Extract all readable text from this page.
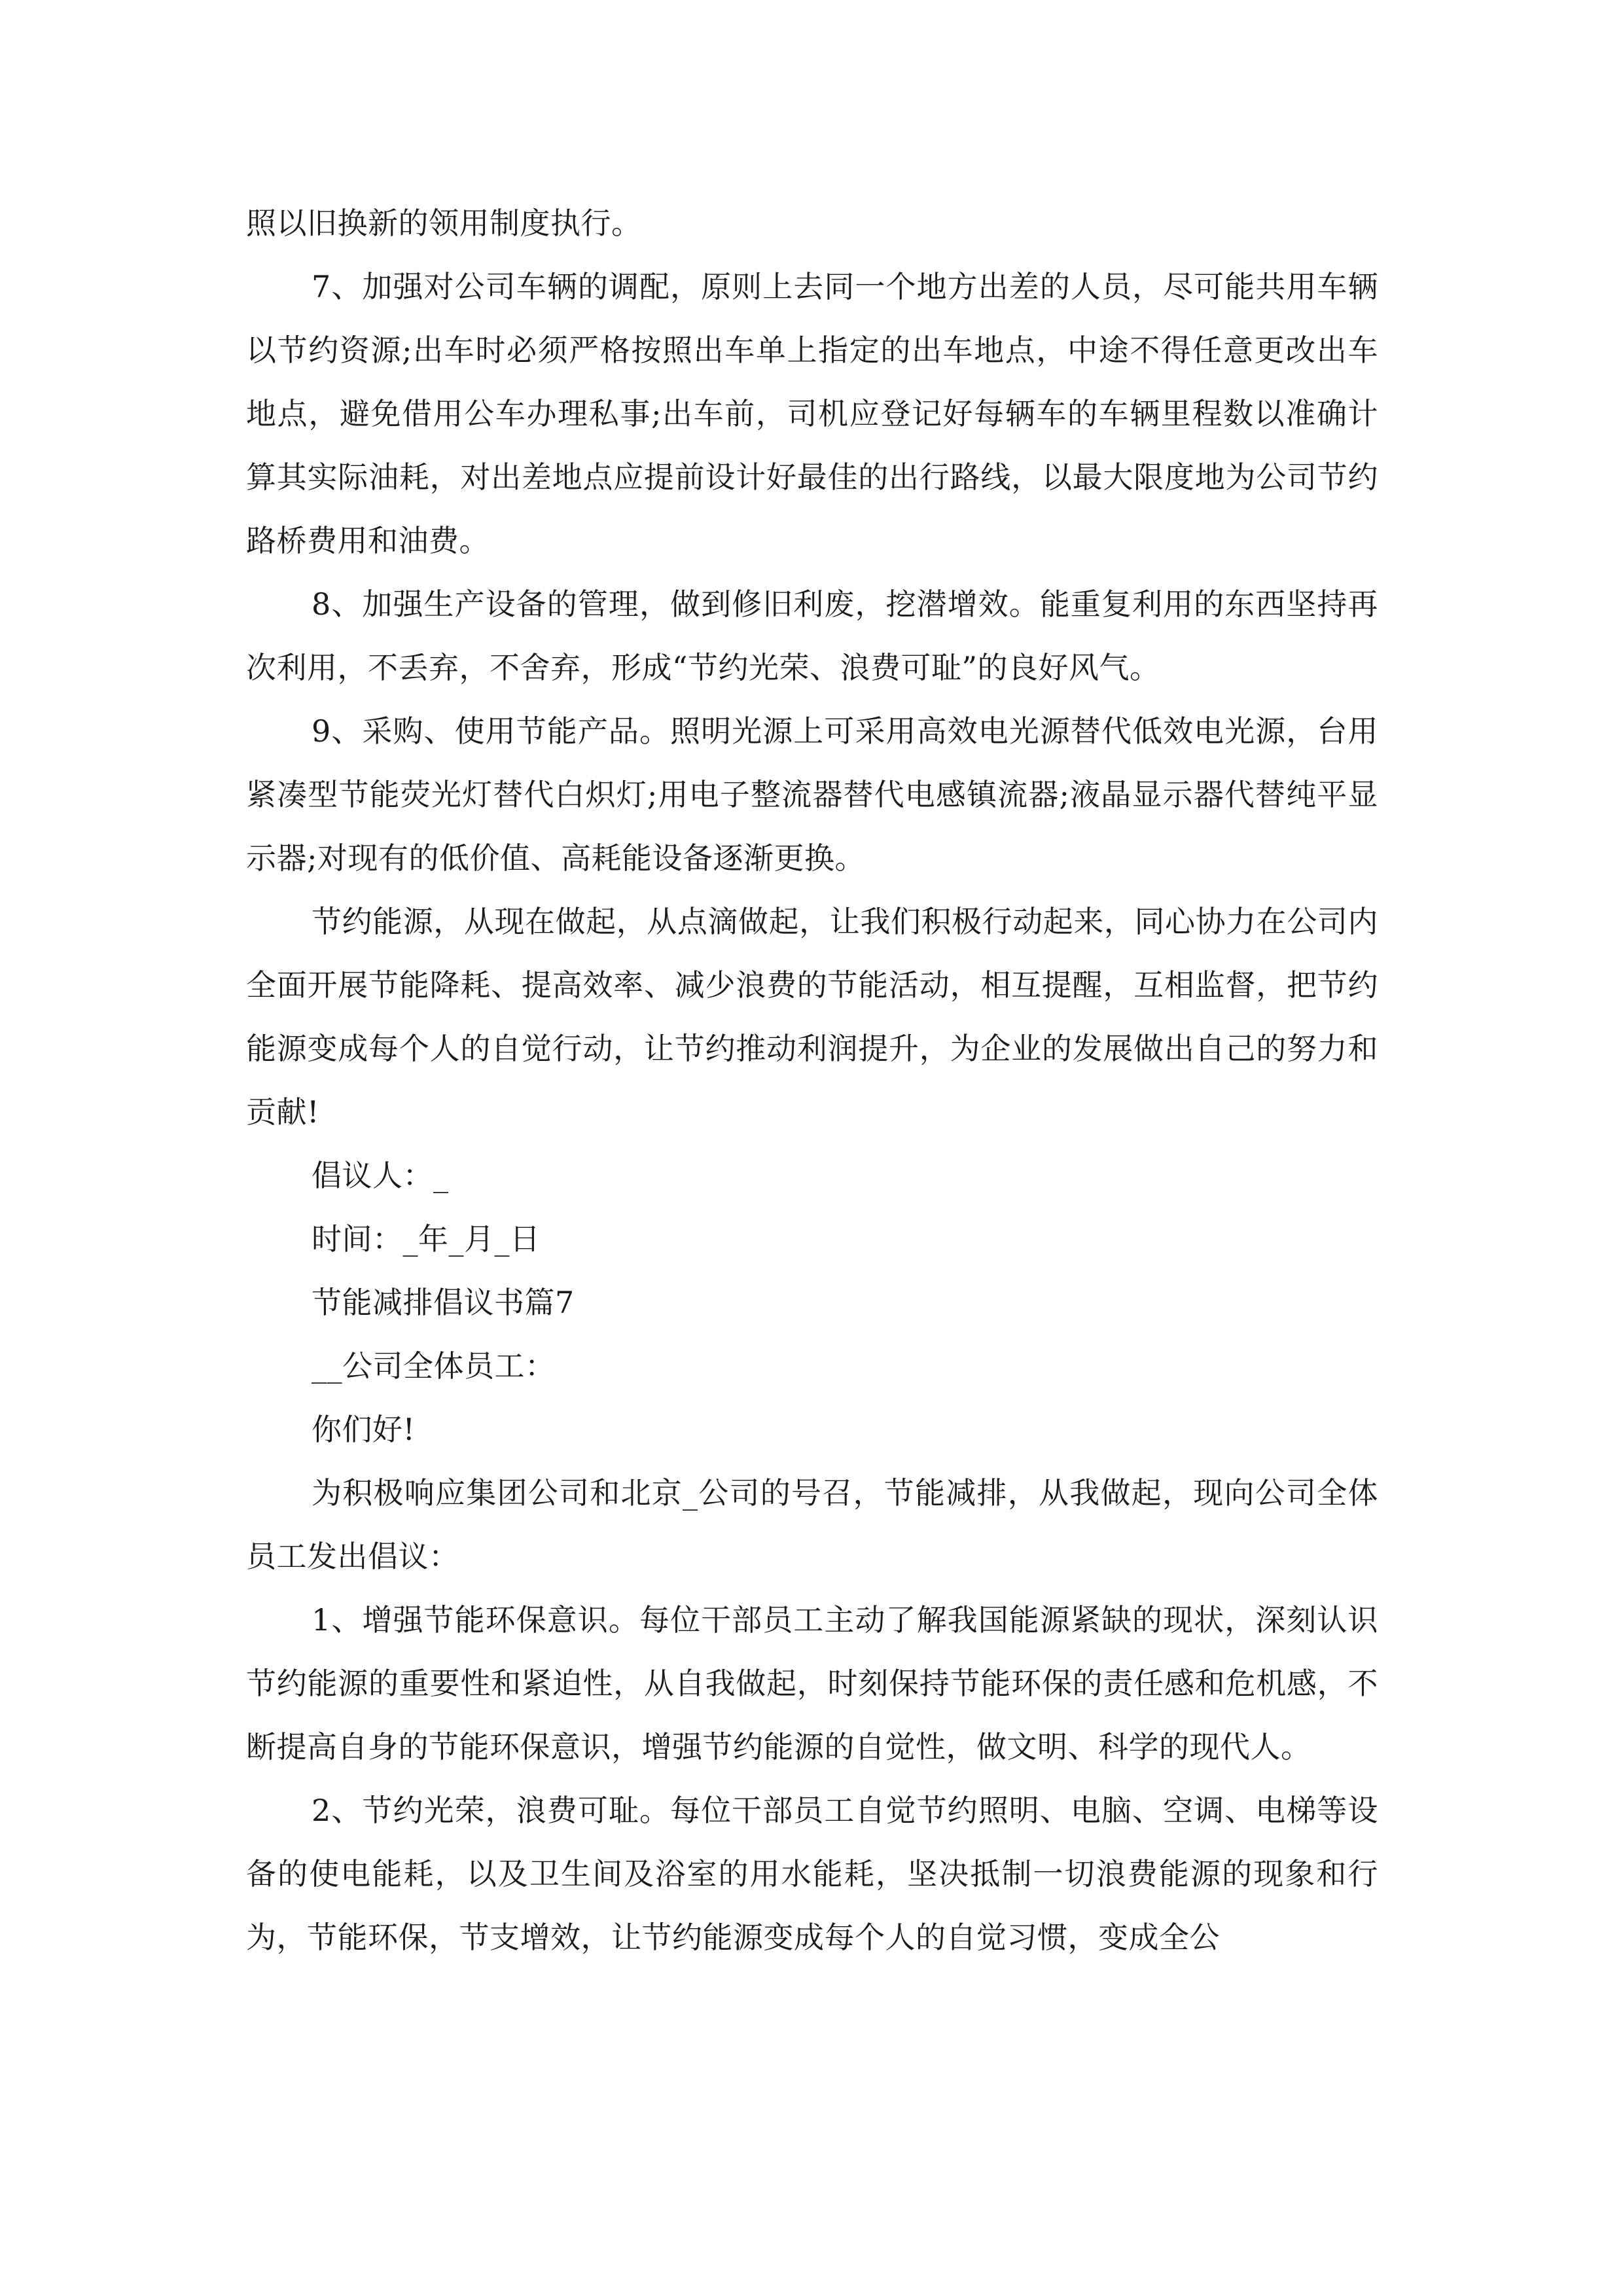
照以旧换新的领用制度执行。

7、加强对公司车辆的调配，原则上去同一个地方出差的人员，尽可能共用车辆以节约资源;出车时必须严格按照出车单上指定的出车地点，中途不得任意更改出车地点，避免借用公车办理私事;出车前，司机应登记好每辆车的车辆里程数以准确计算其实际油耗，对出差地点应提前设计好最佳的出行路线，以最大限度地为公司节约路桥费用和油费。

8、加强生产设备的管理，做到修旧利废，挖潜增效。能重复利用的东西坚持再次利用，不丢弃，不舍弃，形成“节约光荣、浪费可耻”的良好风气。

9、采购、使用节能产品。照明光源上可采用高效电光源替代低效电光源，台用紧凑型节能荧光灯替代白炽灯;用电子整流器替代电感镇流器;液晶显示器代替纯平显示器;对现有的低价值、高耗能设备逐渐更换。

节约能源，从现在做起，从点滴做起，让我们积极行动起来，同心协力在公司内全面开展节能降耗、提高效率、减少浪费的节能活动，相互提醒，互相监督，把节约能源变成每个人的自觉行动，让节约推动利润提升，为企业的发展做出自己的努力和贡献!

倡议人：_

时间：_年_月_日

节能减排倡议书篇7

__公司全体员工：

你们好!

为积极响应集团公司和北京_公司的号召，节能减排，从我做起，现向公司全体员工发出倡议：

1、增强节能环保意识。每位干部员工主动了解我国能源紧缺的现状，深刻认识节约能源的重要性和紧迫性，从自我做起，时刻保持节能环保的责任感和危机感，不断提高自身的节能环保意识，增强节约能源的自觉性，做文明、科学的现代人。

2、节约光荣，浪费可耻。每位干部员工自觉节约照明、电脑、空调、电梯等设备的使电能耗，以及卫生间及浴室的用水能耗，坚决抵制一切浪费能源的现象和行为，节能环保，节支增效，让节约能源变成每个人的自觉习惯，变成全公
